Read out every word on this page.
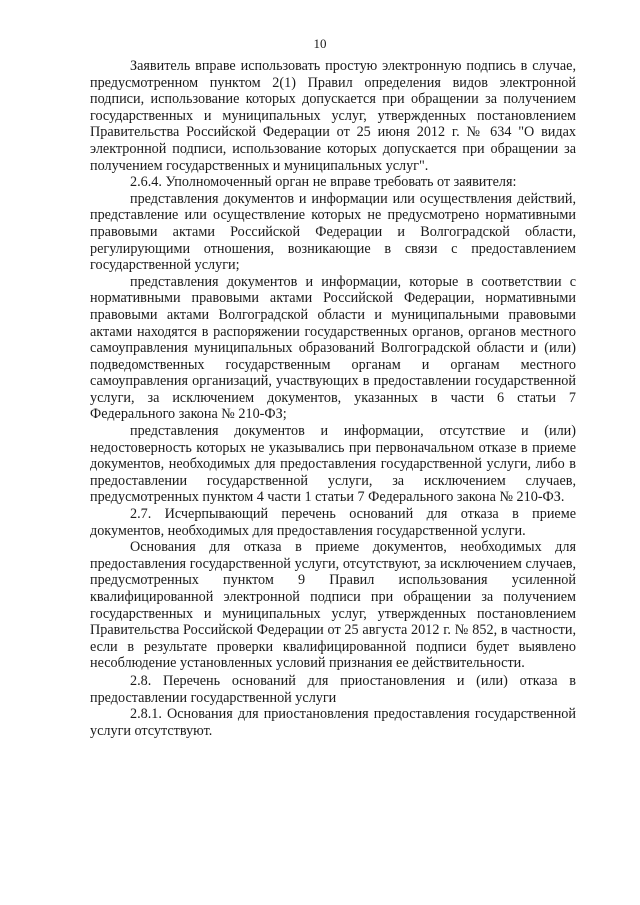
10

Заявитель вправе использовать простую электронную подпись в случае, предусмотренном пунктом 2(1) Правил определения видов электронной подписи, использование которых допускается при обращении за получением государственных и муниципальных услуг, утвержденных постановлением Правительства Российской Федерации от 25 июня 2012 г. № 634 "О видах электронной подписи, использование которых допускается при обращении за получением государственных и муниципальных услуг".

2.6.4. Уполномоченный орган не вправе требовать от заявителя:

представления документов и информации или осуществления действий, представление или осуществление которых не предусмотрено нормативными правовыми актами Российской Федерации и Волгоградской области, регулирующими отношения, возникающие в связи с предоставлением государственной услуги;

представления документов и информации, которые в соответствии с нормативными правовыми актами Российской Федерации, нормативными правовыми актами Волгоградской области и муниципальными правовыми актами находятся в распоряжении государственных органов, органов местного самоуправления муниципальных образований Волгоградской области и (или) подведомственных государственным органам и органам местного самоуправления организаций, участвующих в предоставлении государственной услуги, за исключением документов, указанных в части 6 статьи 7 Федерального закона № 210-ФЗ;

представления документов и информации, отсутствие и (или) недостоверность которых не указывались при первоначальном отказе в приеме документов, необходимых для предоставления государственной услуги, либо в предоставлении государственной услуги, за исключением случаев, предусмотренных пунктом 4 части 1 статьи 7 Федерального закона № 210-ФЗ.

2.7. Исчерпывающий перечень оснований для отказа в приеме документов, необходимых для предоставления государственной услуги.

Основания для отказа в приеме документов, необходимых для предоставления государственной услуги, отсутствуют, за исключением случаев, предусмотренных пунктом 9 Правил использования усиленной квалифицированной электронной подписи при обращении за получением государственных и муниципальных услуг, утвержденных постановлением Правительства Российской Федерации от 25 августа 2012 г. № 852, в частности, если в результате проверки квалифицированной подписи будет выявлено несоблюдение установленных условий признания ее действительности.

2.8. Перечень оснований для приостановления и (или) отказа в предоставлении государственной услуги

2.8.1. Основания для приостановления предоставления государственной услуги отсутствуют.
